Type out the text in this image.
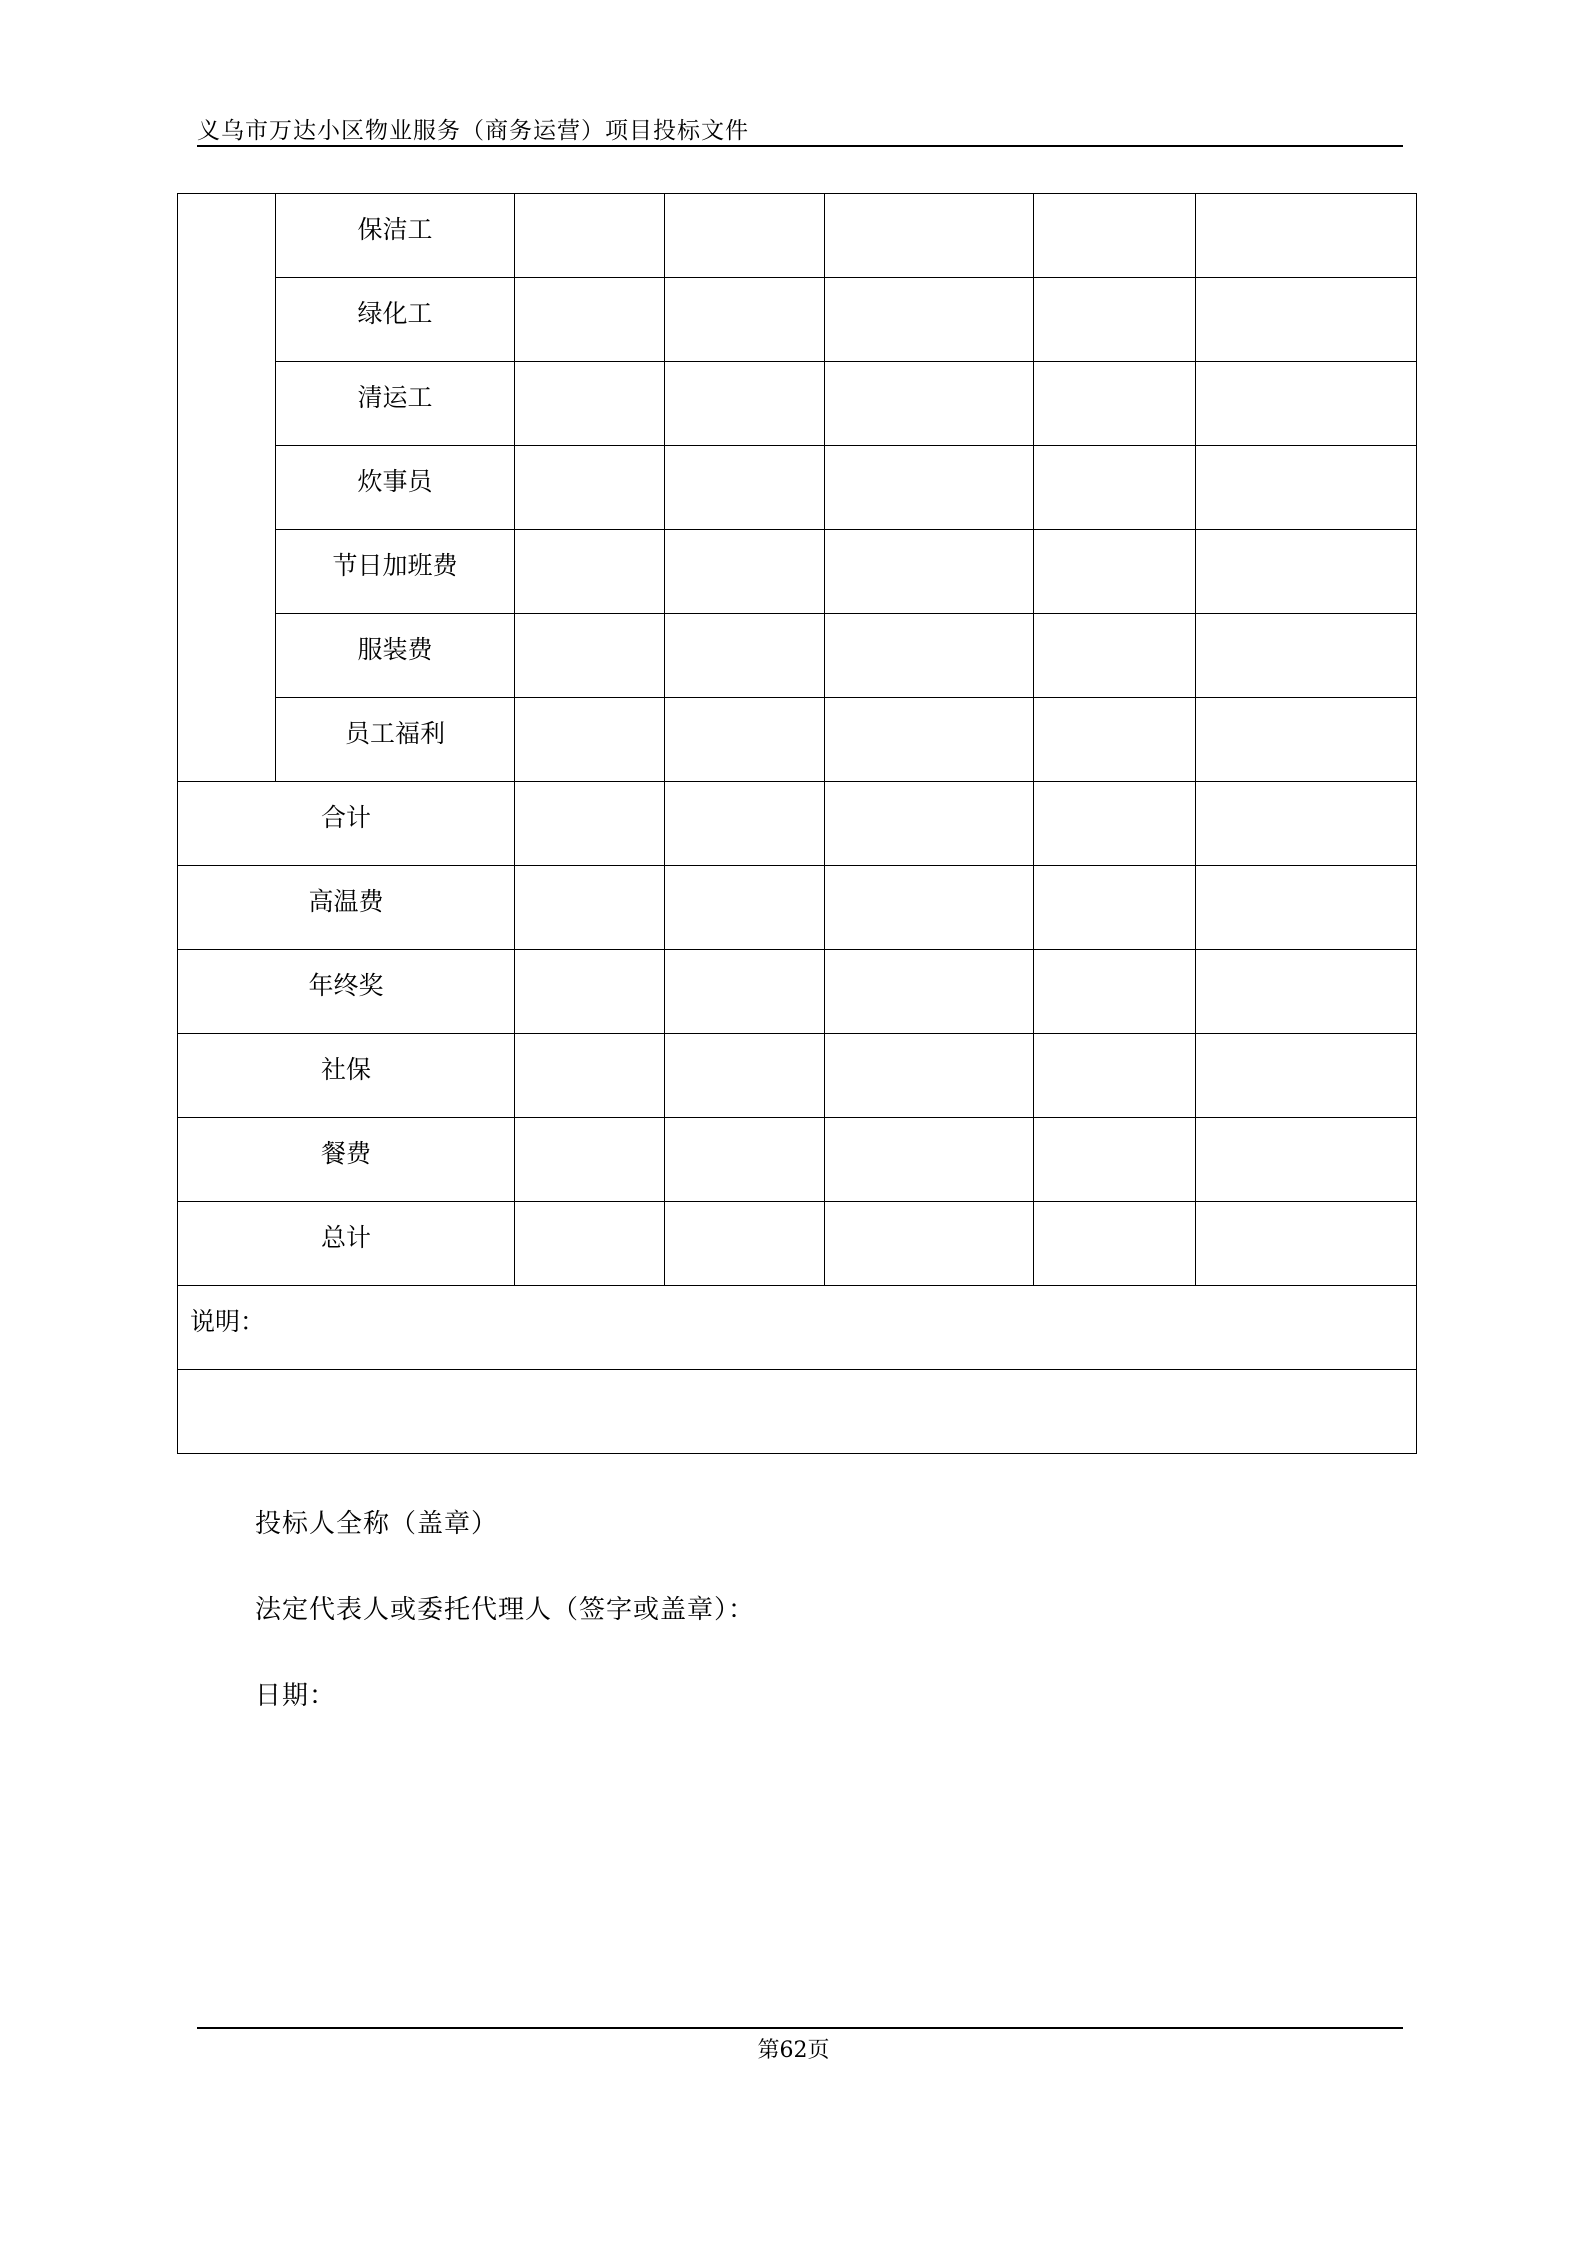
义乌市万达小区物业服务（商务运营）项目投标文件

	保洁工					

	绿化工					

	清运工					

	炊事员					

	节日加班费					

	服装费					

	员工福利					

合计						

高温费						

年终奖						

社保						

餐费						

总计						

说明：						

投标人全称（盖章）
法定代表人或委托代理人（签字或盖章）：
日期：
第62页
